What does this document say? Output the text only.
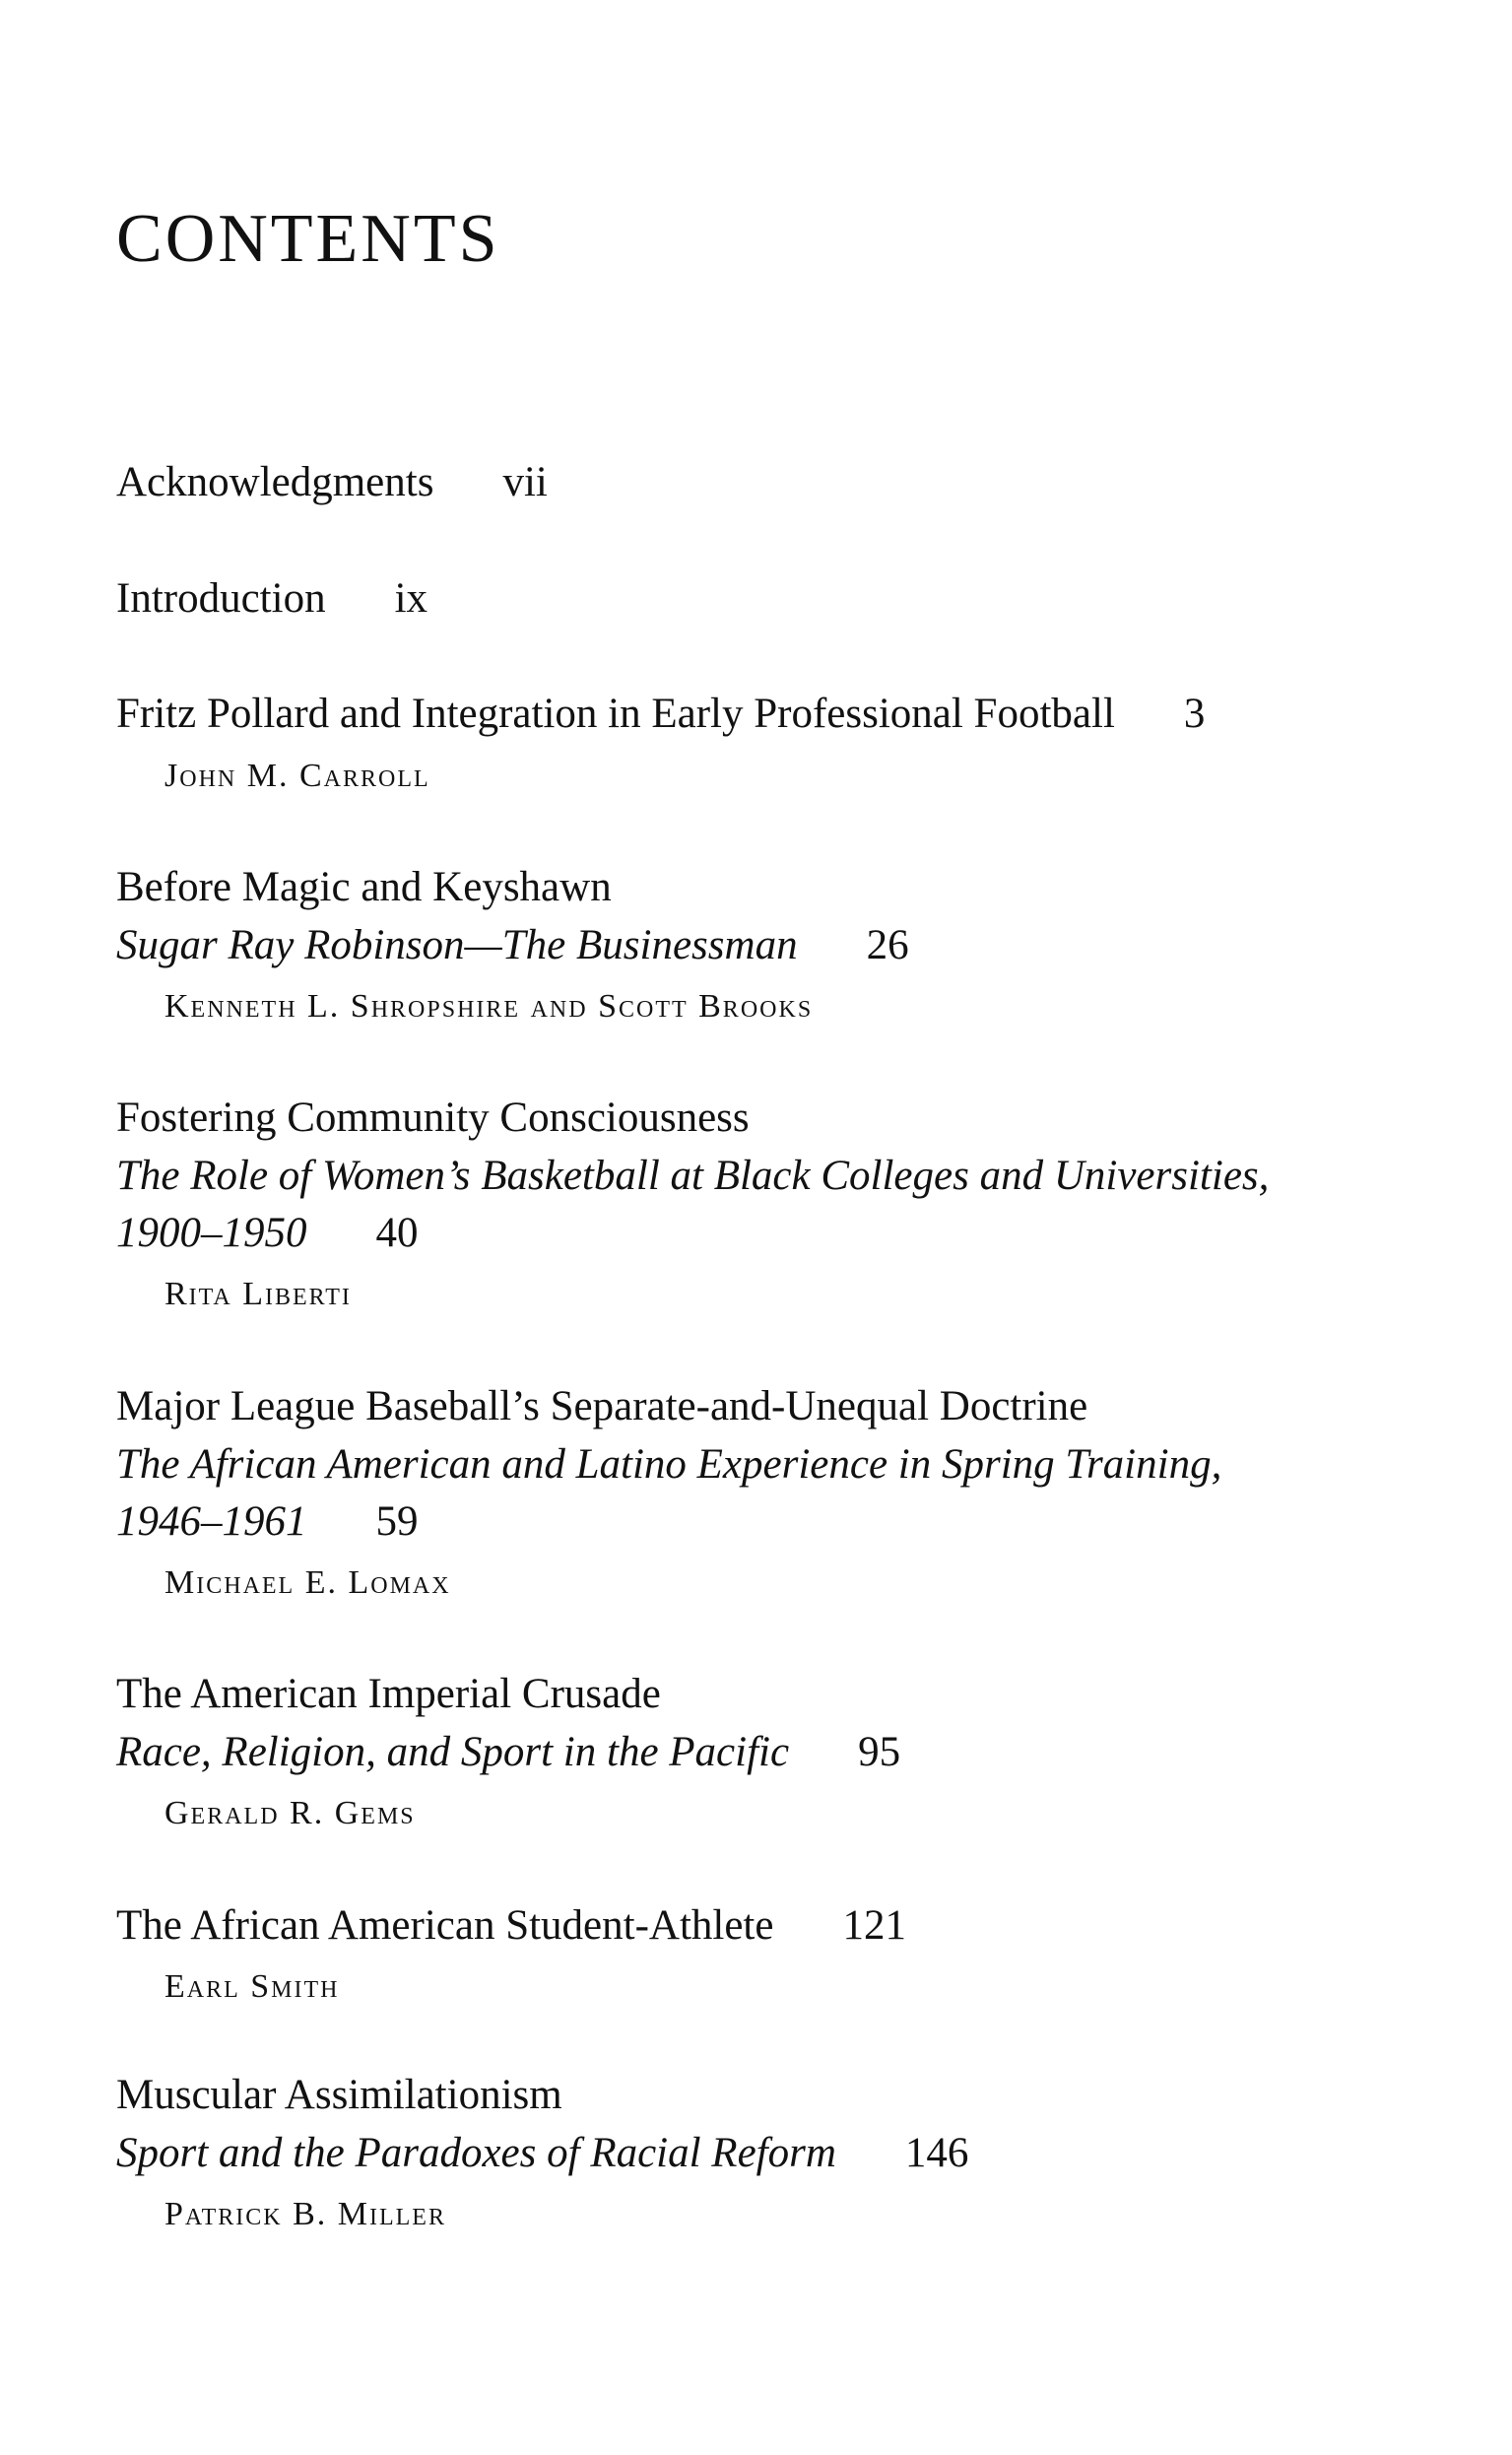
CONTENTS
Acknowledgments vii
Introduction ix
Fritz Pollard and Integration in Early Professional Football 3
John M. Carroll
Before Magic and Keyshawn
Sugar Ray Robinson—The Businessman 26
Kenneth L. Shropshire and Scott Brooks
Fostering Community Consciousness
The Role of Women’s Basketball at Black Colleges and Universities,
1900–1950 40
Rita Liberti
Major League Baseball’s Separate-and-Unequal Doctrine
The African American and Latino Experience in Spring Training,
1946–1961 59
Michael E. Lomax
The American Imperial Crusade
Race, Religion, and Sport in the Pacific 95
Gerald R. Gems
The African American Student-Athlete 121
Earl Smith
Muscular Assimilationism
Sport and the Paradoxes of Racial Reform 146
Patrick B. Miller
